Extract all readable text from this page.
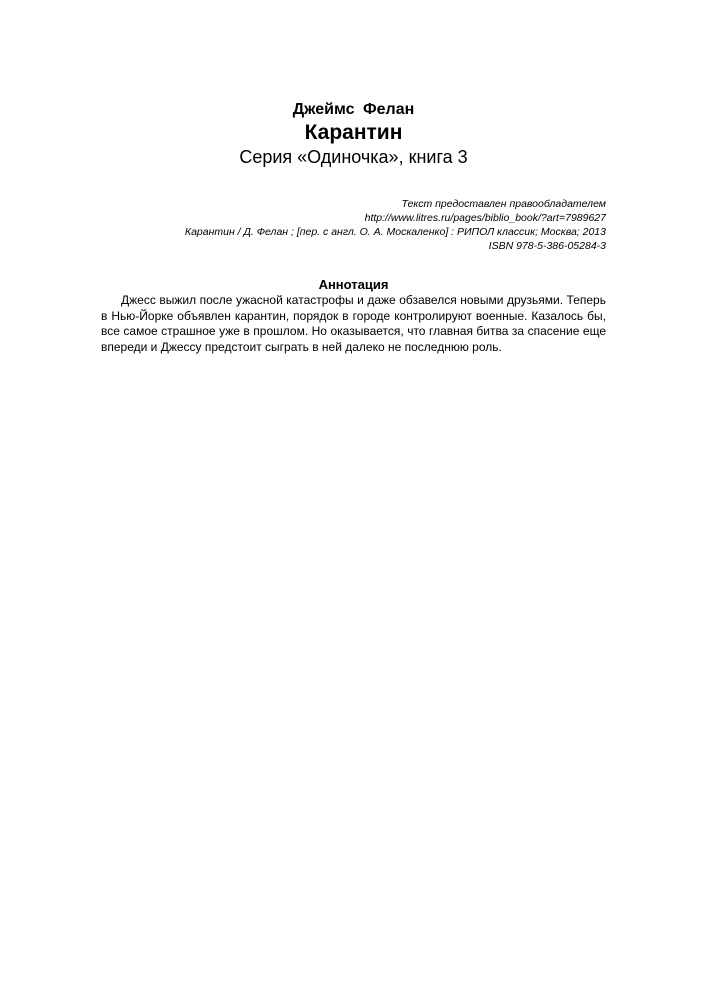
Джеймс Фелан
Карантин
Серия «Одиночка», книга 3
Текст предоставлен правообладателем
http://www.litres.ru/pages/biblio_book/?art=7989627
Карантин / Д. Фелан ; [пер. с англ. О. А. Москаленко] : РИПОЛ классик; Москва; 2013
ISBN 978-5-386-05284-3
Аннотация
Джесс выжил после ужасной катастрофы и даже обзавелся новыми друзьями. Теперь в Нью-Йорке объявлен карантин, порядок в городе контролируют военные. Казалось бы, все самое страшное уже в прошлом. Но оказывается, что главная битва за спасение еще впереди и Джессу предстоит сыграть в ней далеко не последнюю роль.
